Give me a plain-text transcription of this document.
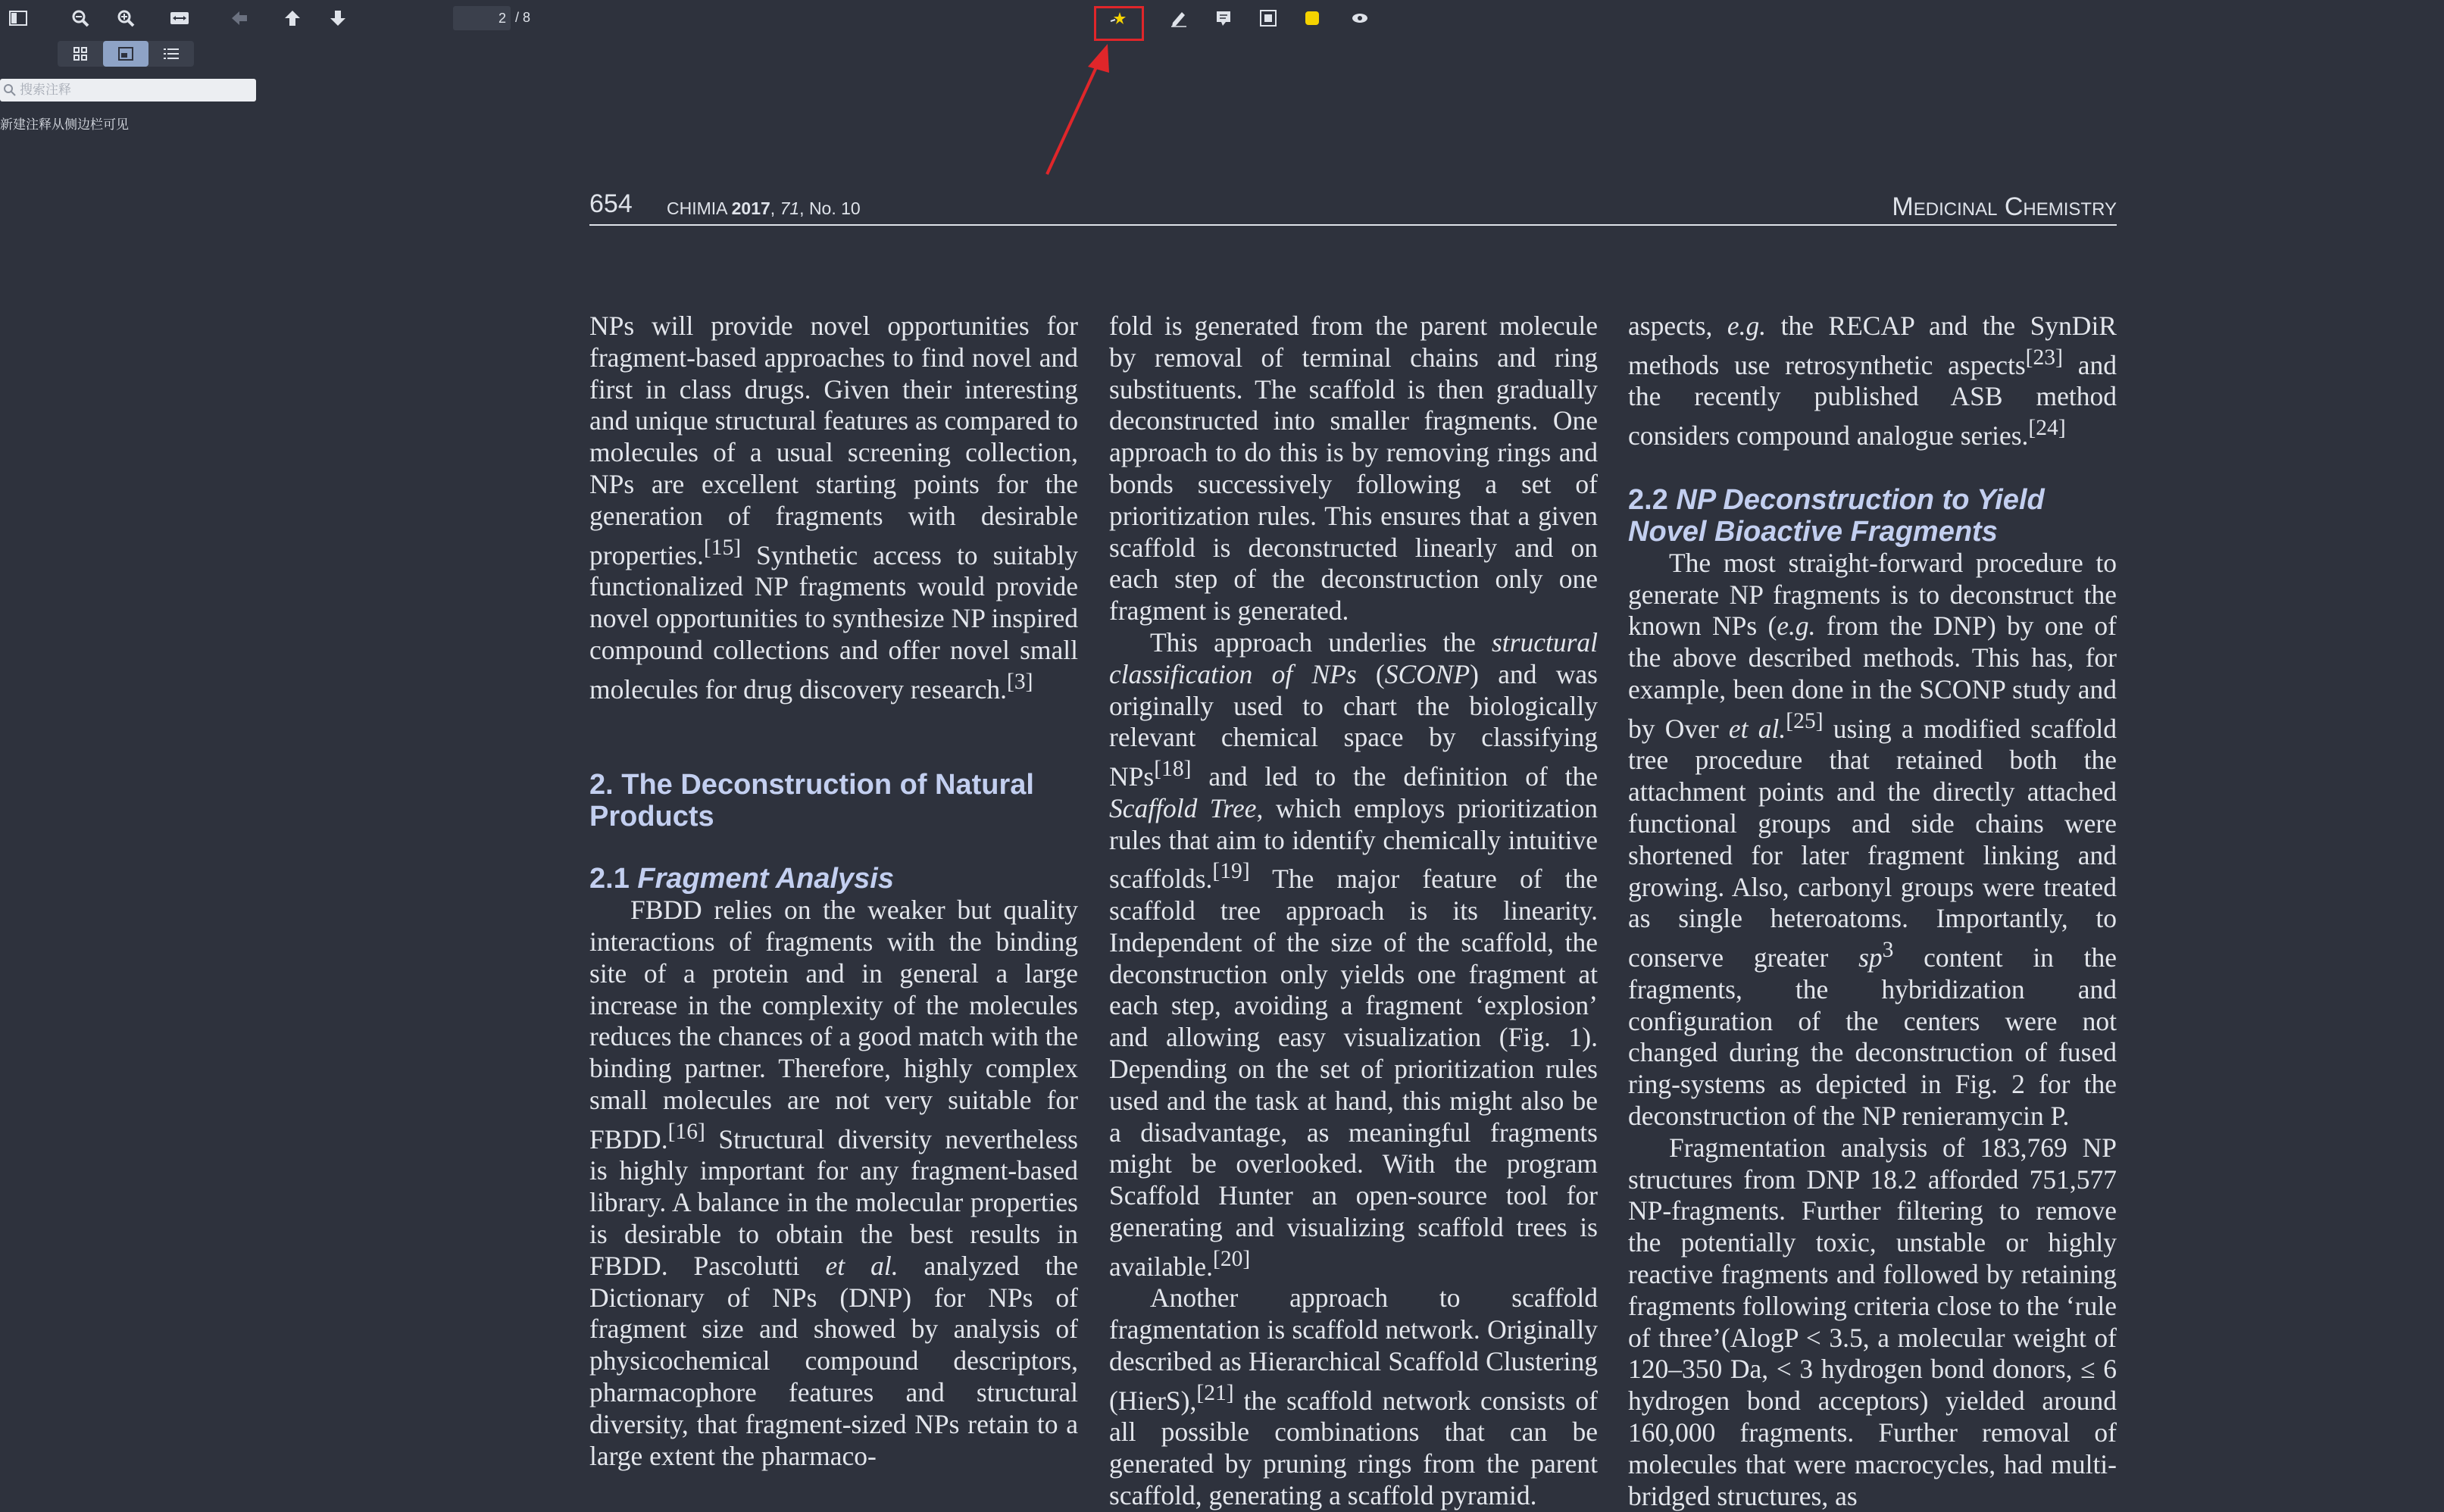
2 / 8
搜索注释
新建注释从侧边栏可见
654 CHIMIA 2017, 71, No. 10	Medicinal Chemistry

NPs will provide novel opportunities for fragment-based approaches to find novel and first in class drugs. Given their interesting and unique structural features as compared to molecules of a usual screening collection, NPs are excellent starting points for the generation of fragments with desirable properties.[15] Synthetic access to suitably functionalized NP fragments would provide novel opportunities to synthesize NP inspired compound collections and offer novel small molecules for drug discovery research.[3]

2. The Deconstruction of Natural Products
2.1 Fragment Analysis

FBDD relies on the weaker but quality interactions of fragments with the binding site of a protein and in general a large increase in the complexity of the molecules reduces the chances of a good match with the binding partner. Therefore, highly complex small molecules are not very suitable for FBDD.[16] Structural diversity nevertheless is highly important for any fragment-based library. A balance in the molecular properties is desirable to obtain the best results in FBDD. Pascolutti et al. analyzed the Dictionary of NPs (DNP) for NPs of fragment size and showed by analysis of physicochemical compound descriptors, pharmacophore features and structural diversity, that fragment-sized NPs retain to a large extent the pharmaco-

fold is generated from the parent molecule by removal of terminal chains and ring substituents. The scaffold is then gradually deconstructed into smaller fragments. One approach to do this is by removing rings and bonds successively following a set of prioritization rules. This ensures that a given scaffold is deconstructed linearly and on each step of the deconstruction only one fragment is generated.

This approach underlies the structural classification of NPs (SCONP) and was originally used to chart the biologically relevant chemical space by classifying NPs[18] and led to the definition of the Scaffold Tree, which employs prioritization rules that aim to identify chemically intuitive scaffolds.[19] The major feature of the scaffold tree approach is its linearity. Independent of the size of the scaffold, the deconstruction only yields one fragment at each step, avoiding a fragment ‘explosion’ and allowing easy visualization (Fig. 1). Depending on the set of prioritization rules used and the task at hand, this might also be a disadvantage, as meaningful fragments might be overlooked. With the program Scaffold Hunter an open-source tool for generating and visualizing scaffold trees is available.[20]

Another approach to scaffold fragmentation is scaffold network. Originally described as Hierarchical Scaffold Clustering (HierS),[21] the scaffold network consists of all possible combinations that can be generated by pruning rings from the parent scaffold, generating a scaffold pyramid.

aspects, e.g. the RECAP and the SynDiR methods use retrosynthetic aspects[23] and the recently published ASB method considers compound analogue series.[24]

2.2 NP Deconstruction to Yield Novel Bioactive Fragments

The most straight-forward procedure to generate NP fragments is to deconstruct the known NPs (e.g. from the DNP) by one of the above described methods. This has, for example, been done in the SCONP study and by Over et al.[25] using a modified scaffold tree procedure that retained both the attachment points and the directly attached functional groups and side chains were shortened for later fragment linking and growing. Also, carbonyl groups were treated as single heteroatoms. Importantly, to conserve greater $sp^3$ content in the fragments, the hybridization and configuration of the centers were not changed during the deconstruction of fused ring-systems as depicted in Fig. 2 for the deconstruction of the NP renieramycin P.

Fragmentation analysis of 183,769 NP structures from DNP 18.2 afforded 751,577 NP-fragments. Further filtering to remove the potentially toxic, unstable or highly reactive fragments and followed by retaining fragments following criteria close to the ‘rule of three’(AlogP < 3.5, a molecular weight of 120–350 Da, < 3 hydrogen bond donors, ≤ 6 hydrogen bond acceptors) yielded around 160,000 fragments. Further removal of molecules that were macrocycles, had multi-bridged structures, as
